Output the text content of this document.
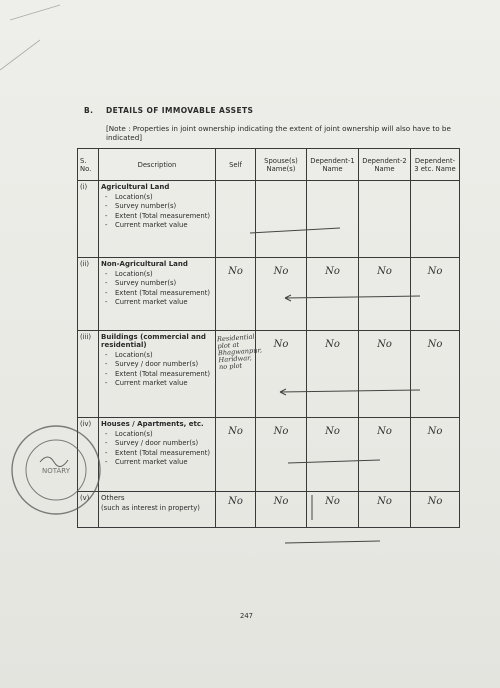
B. DETAILS OF IMMOVABLE ASSETS
[Note : Properties in joint ownership indicating the extent of joint ownership will also have to be indicated]
S. No.	Description	Self	Spouse(s) Name(s)	Dependent-1 Name	Dependent-2 Name	Dependent-3 etc. Name
(i)	Agricultural Land
- Location(s)
- Survey number(s)
- Extent (Total measurement)
- Current market value

(ii)	Non-Agricultural Land
- Location(s)
- Survey number(s)
- Extent (Total measurement)
- Current market value	No	No	No	No	No

(iii)	Buildings (commercial and residential)
- Location(s)
- Survey / door number(s)
- Extent (Total measurement)
- Current market value	Residential plot at Bhagwanpur, Haridwar, no plot	No	No	No	No

(iv)	Houses / Apartments, etc.
- Location(s)
- Survey / door number(s)
- Extent (Total measurement)
- Current market value	No	No	No	No	No

(v)	Others
(such as interest in property)	No	No	No	No	No
NOTARY
247
